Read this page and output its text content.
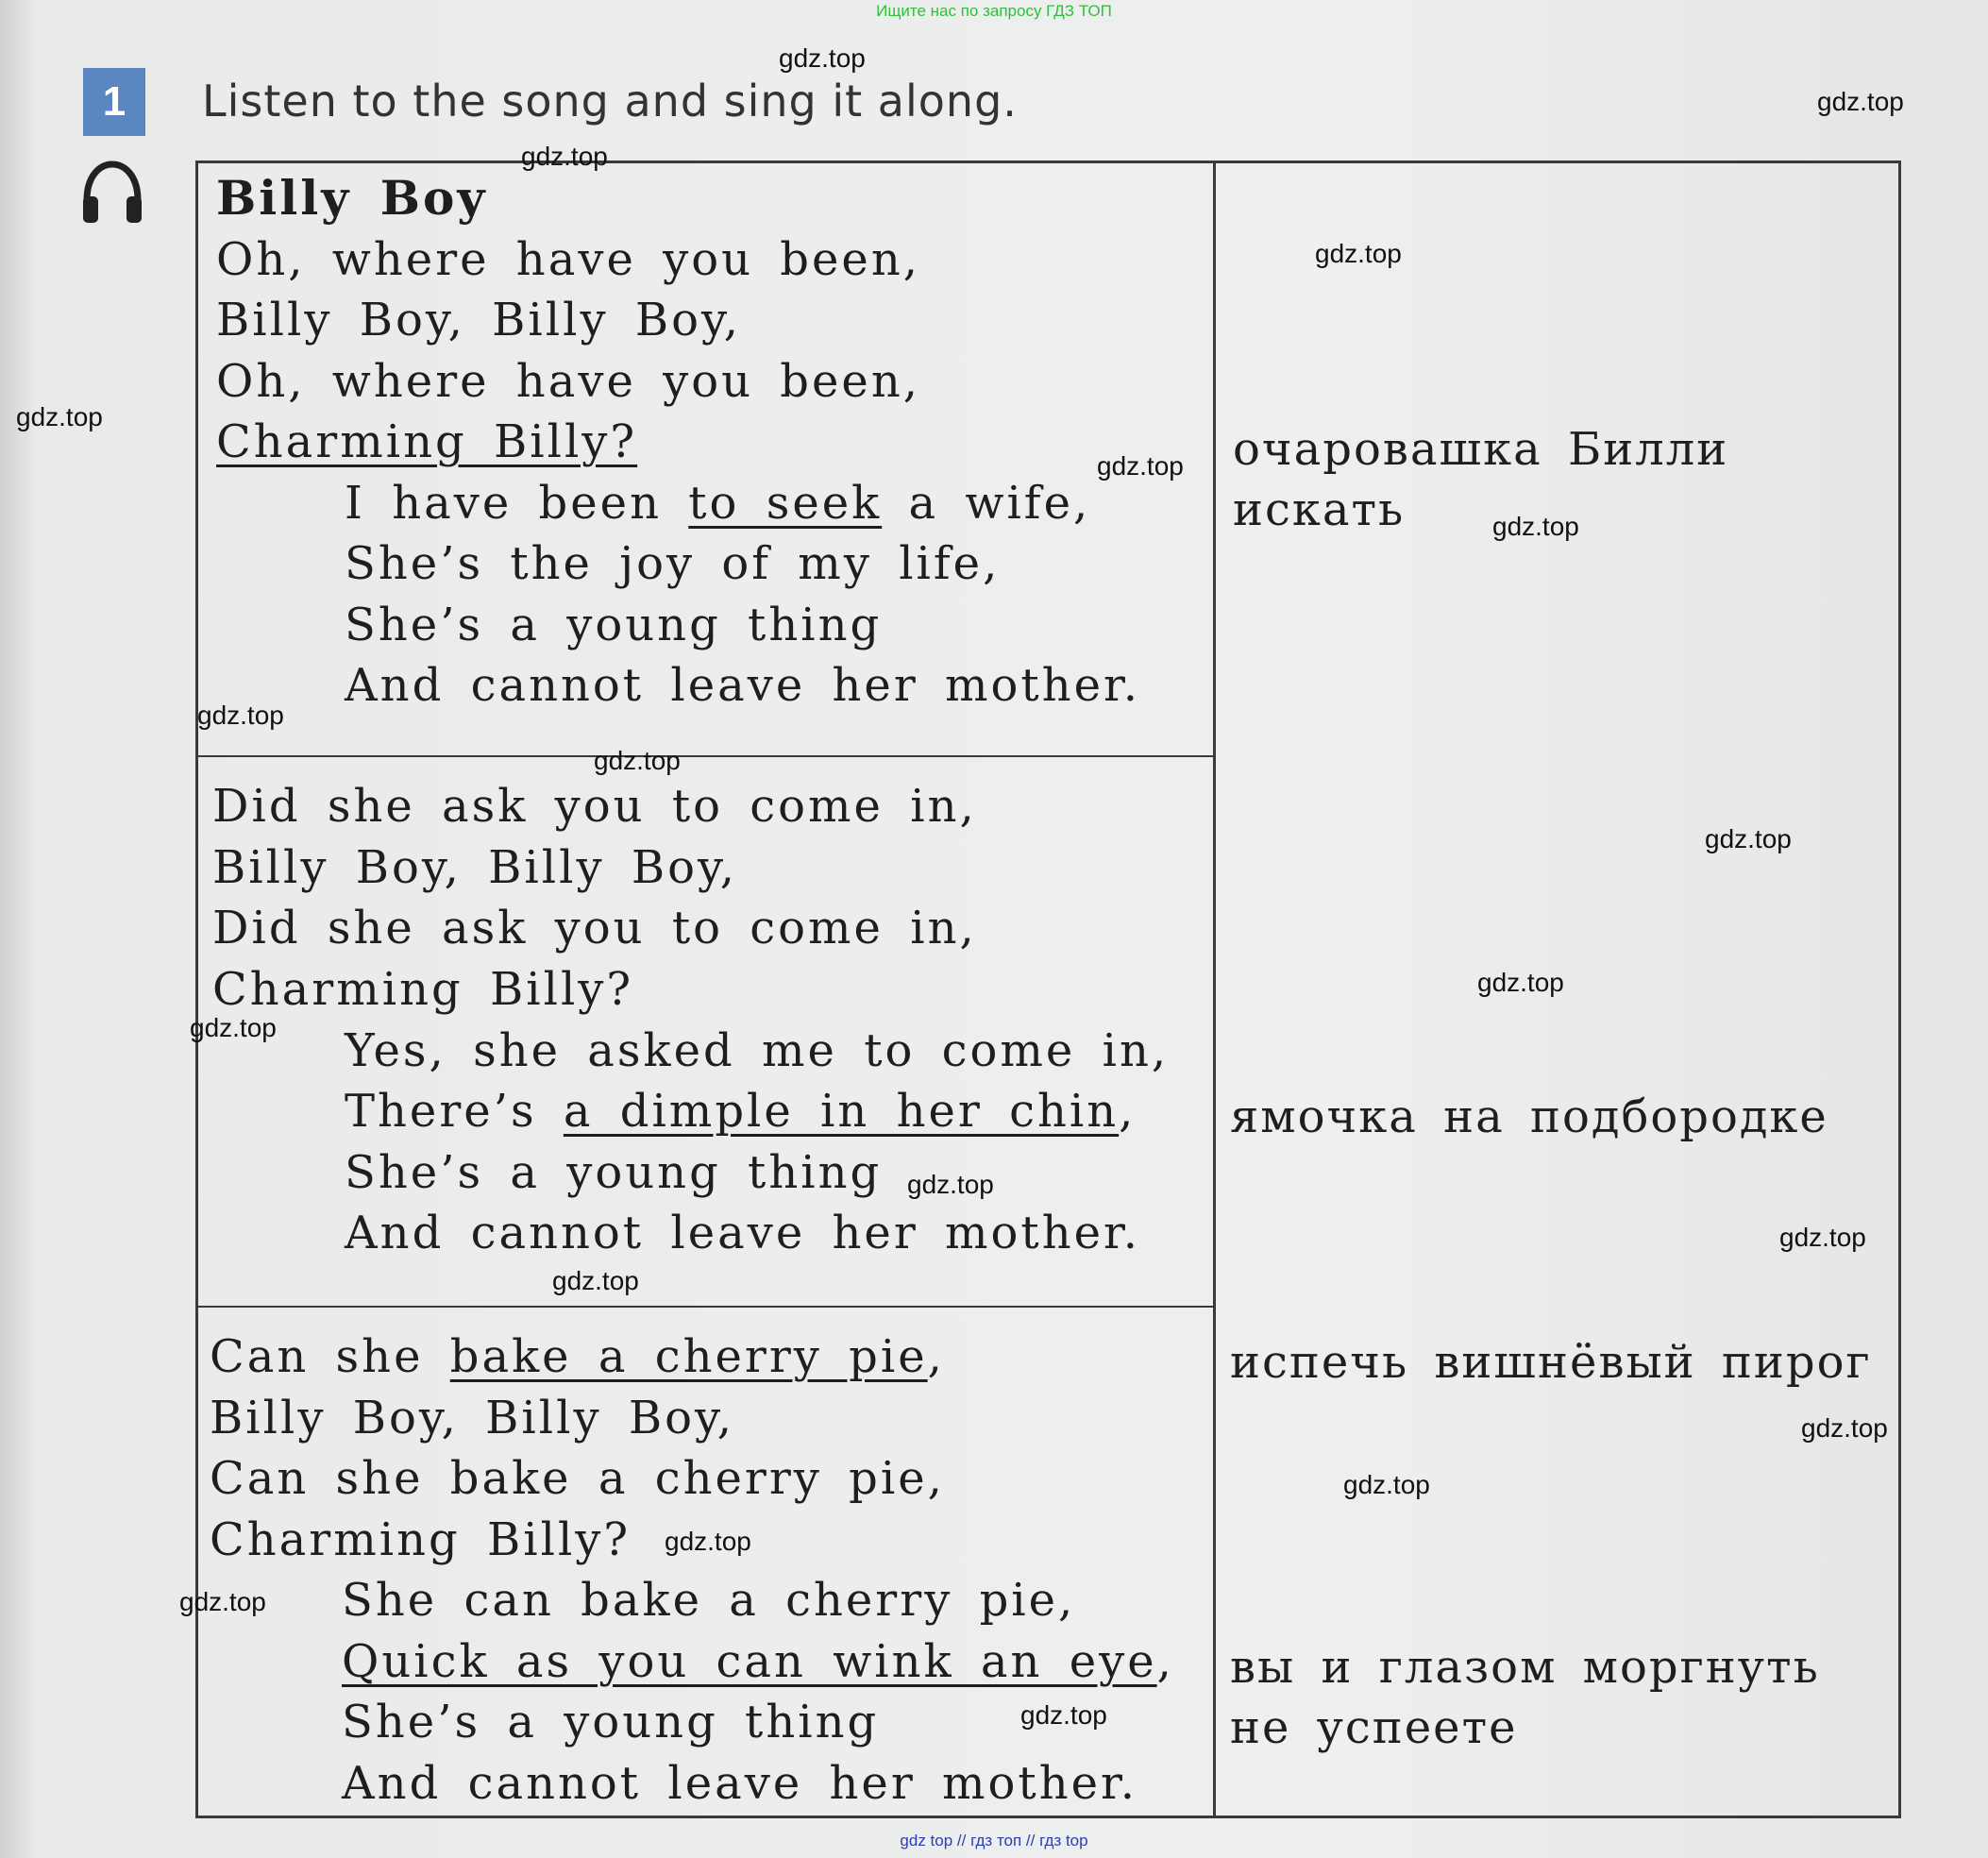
Ищите нас по запросу ГДЗ ТОП
1	Listen to the song and sing it along.
Billy Boy
Oh, where have you been,
Billy Boy, Billy Boy,
Oh, where have you been,
Charming Billy?
I have been to seek a wife,
She’s the joy of my life,
She’s a young thing
And cannot leave her mother.
Did she ask you to come in,
Billy Boy, Billy Boy,
Did she ask you to come in,
Charming Billy?
Yes, she asked me to come in,
There’s a dimple in her chin,
She’s a young thing
And cannot leave her mother.
Can she bake a cherry pie,
Billy Boy, Billy Boy,
Can she bake a cherry pie,
Charming Billy?
She can bake a cherry pie,
Quick as you can wink an eye,
She’s a young thing
And cannot leave her mother.
очаровашка Билли
искать
ямочка на подбородке
испечь вишнёвый пирог
вы и глазом моргнуть
не успеете
gdz.top
gdz.top
gdz.top
gdz.top
gdz.top
gdz.top
gdz.top
gdz.top
gdz.top
gdz.top
gdz.top
gdz.top
gdz.top
gdz.top
gdz.top
gdz.top
gdz.top
gdz.top
gdz.top
gdz.top
gdz top // гдз топ // гдз top
